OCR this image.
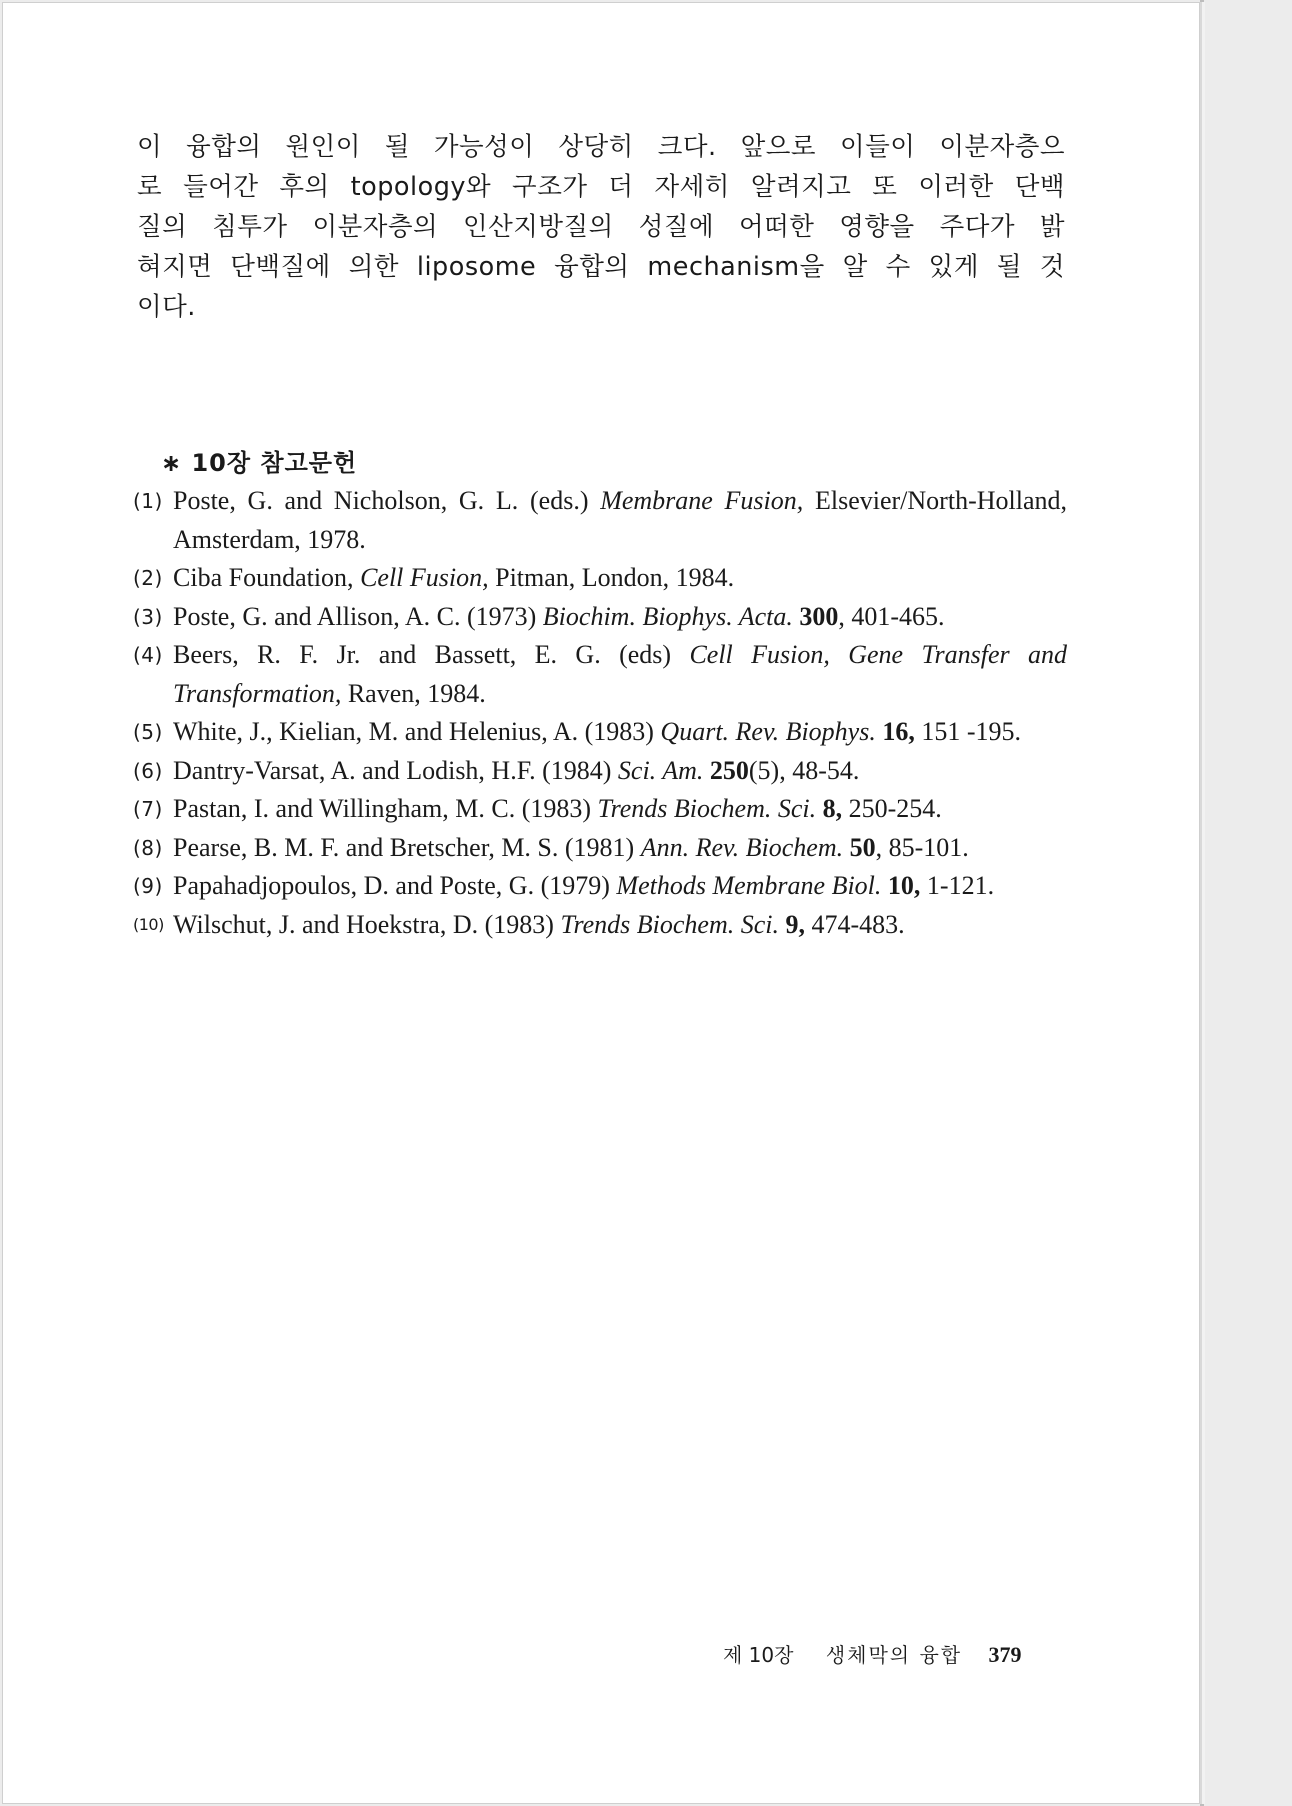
이 융합의 원인이 될 가능성이 상당히 크다. 앞으로 이들이 이분자층으
로 들어간 후의 topology와 구조가 더 자세히 알려지고 또 이러한 단백
질의 침투가 이분자층의 인산지방질의 성질에 어떠한 영향을 주다가 밝
혀지면 단백질에 의한 liposome 융합의 mechanism을 알 수 있게 될 것
이다.

∗ 10장 참고문헌
(1) Poste, G. and Nicholson, G. L. (eds.) Membrane Fusion, Elsevier/North-Holland, Amsterdam, 1978.
(2) Ciba Foundation, Cell Fusion, Pitman, London, 1984.
(3) Poste, G. and Allison, A. C. (1973) Biochim. Biophys. Acta. 300, 401-465.
(4) Beers, R. F. Jr. and Bassett, E. G. (eds) Cell Fusion, Gene Transfer and Transformation, Raven, 1984.
(5) White, J., Kielian, M. and Helenius, A. (1983) Quart. Rev. Biophys. 16, 151 -195.
(6) Dantry-Varsat, A. and Lodish, H.F. (1984) Sci. Am. 250(5), 48-54.
(7) Pastan, I. and Willingham, M. C. (1983) Trends Biochem. Sci. 8, 250-254.
(8) Pearse, B. M. F. and Bretscher, M. S. (1981) Ann. Rev. Biochem. 50, 85-101.
(9) Papahadjopoulos, D. and Poste, G. (1979) Methods Membrane Biol. 10, 1-121.
(10) Wilschut, J. and Hoekstra, D. (1983) Trends Biochem. Sci. 9, 474-483.
제 10장 생체막의 융합 379
